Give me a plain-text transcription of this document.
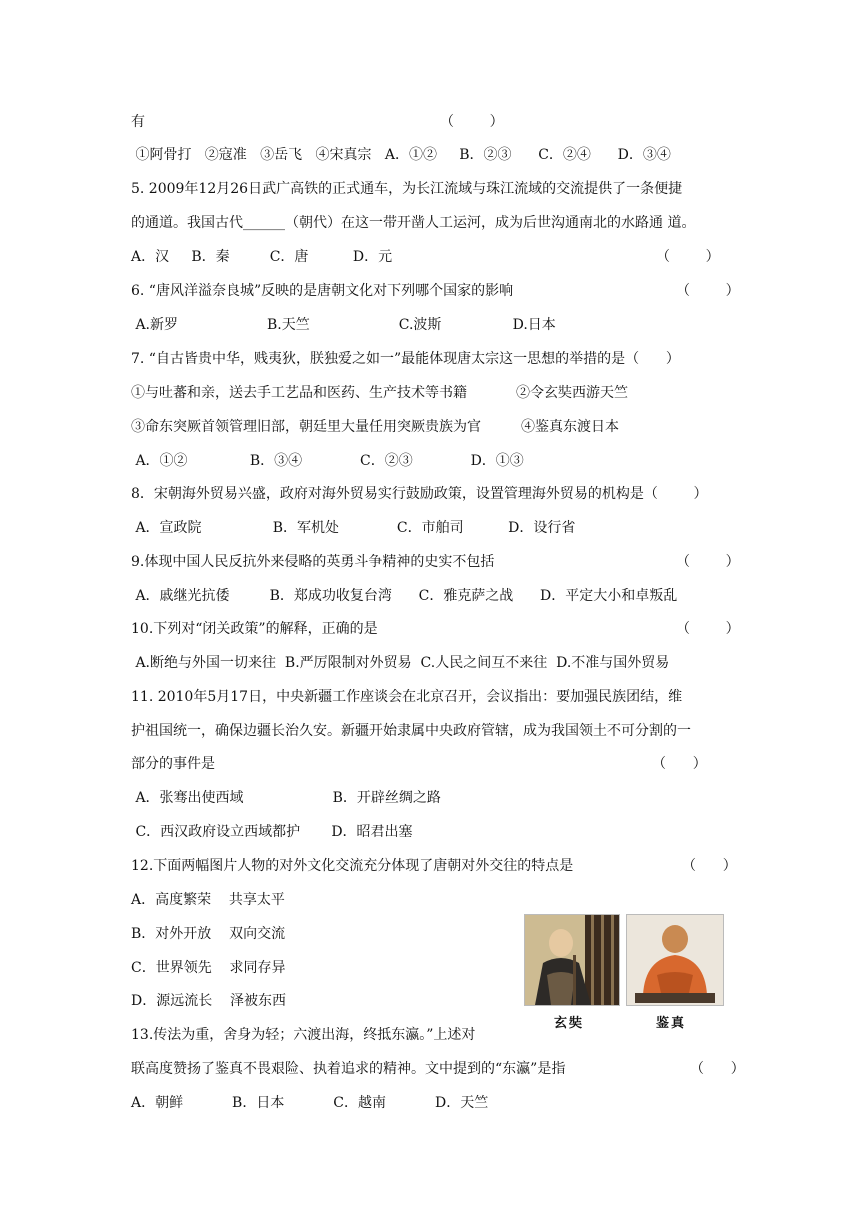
有	（        ）
①阿骨打   ②寇准   ③岳飞   ④宋真宗   A．①②     B．②③      C．②④      D．③④
5. 2009年12月26日武广高铁的正式通车，为长江流域与珠江流域的交流提供了一条便捷
的通道。我国古代______（朝代）在这一带开凿人工运河，成为后世沟通南北的水路通 道。
A．汉     B．秦         C．唐          D．元	（        ）
6. “唐风洋溢奈良城”反映的是唐朝文化对下列哪个国家的影响	（        ）
A.新罗                    B.天竺                    C.波斯                D.日本
7. “自古皆贵中华，贱夷狄，朕独爱之如一”最能体现唐太宗这一思想的举措的是（      ）
①与吐蕃和亲，送去手工艺品和医药、生产技术等书籍           ②令玄奘西游天竺
③命东突厥首领管理旧部，朝廷里大量任用突厥贵族为官         ④鉴真东渡日本
A．①②              B．③④             C．②③             D．①③
8．宋朝海外贸易兴盛，政府对海外贸易实行鼓励政策，设置管理海外贸易的机构是（        ）
A．宣政院                B．军机处             C．市舶司          D．设行省
9.体现中国人民反抗外来侵略的英勇斗争精神的史实不包括	（        ）
A．戚继光抗倭         B．郑成功收复台湾      C．雅克萨之战      D．平定大小和卓叛乱
10.下列对“闭关政策”的解释，正确的是	（        ）
A.断绝与外国一切来往  B.严厉限制对外贸易  C.人民之间互不来往  D.不准与国外贸易
11. 2010年5月17日，中央新疆工作座谈会在北京召开，会议指出：要加强民族团结，维
护祖国统一，确保边疆长治久安。新疆开始隶属中央政府管辖，成为我国领土不可分割的一
部分的事件是	（      ）
A．张骞出使西域                    B．开辟丝绸之路
C．西汉政府设立西域都护       D．昭君出塞
12.下面两幅图片人物的对外文化交流充分体现了唐朝对外交往的特点是	（      ）
A．高度繁荣    共享太平
B．对外开放    双向交流
C．世界领先    求同存异
D．源远流长    泽被东西
13.传法为重，舍身为轻；六渡出海，终抵东瀛。”上述对
联高度赞扬了鉴真不畏艰险、执着追求的精神。文中提到的“东瀛”是指	（      ）
A．朝鲜           B．日本           C．越南           D．天竺
玄奘	鉴真
